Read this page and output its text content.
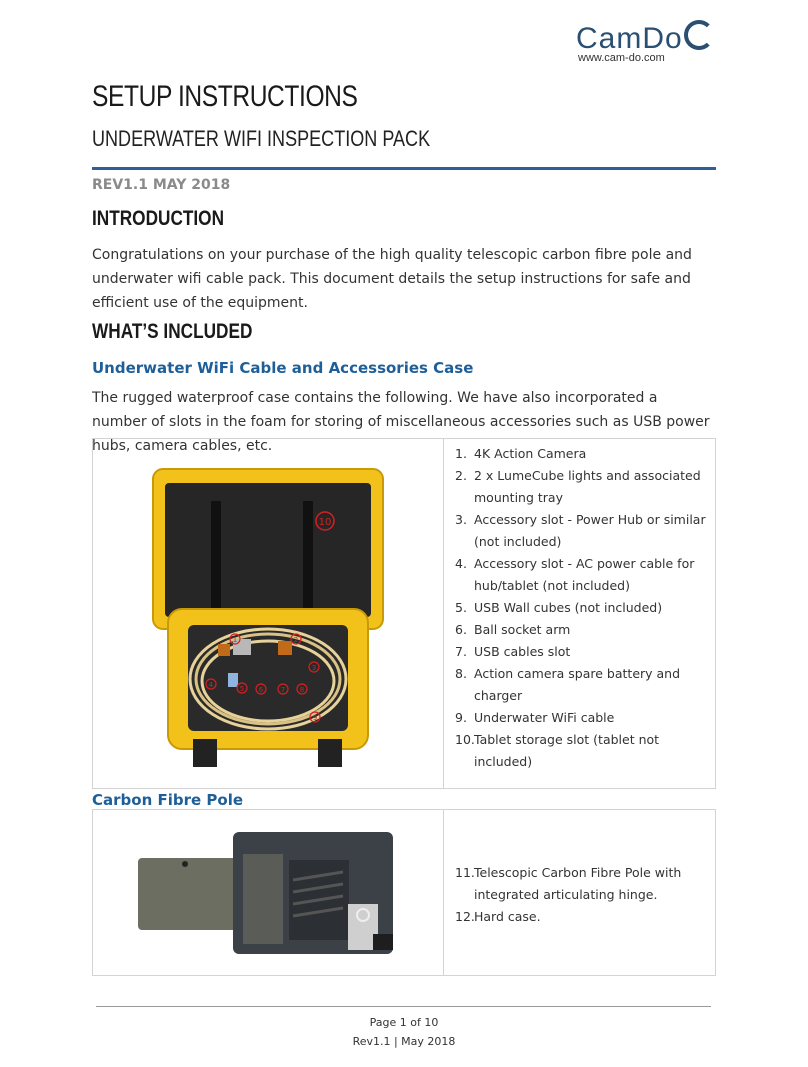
CamDo
www.cam-do.com
SETUP INSTRUCTIONS
UNDERWATER WIFI INSPECTION PACK
REV1.1 MAY 2018
INTRODUCTION
Congratulations on your purchase of the high quality telescopic carbon fibre pole and underwater wifi cable pack. This document details the setup instructions for safe and efficient use of the equipment.
WHAT’S INCLUDED
Underwater WiFi Cable and Accessories Case
The rugged waterproof case contains the following. We have also incorporated a number of slots in the foam for storing of miscellaneous accessories such as USB power hubs, camera cables, etc.
10
1	2
3
4	5 6	7 8
9
1. 4K Action Camera
2. 2 x LumeCube lights and associated mounting tray
3. Accessory slot - Power Hub or similar (not included)
4. Accessory slot - AC power cable for hub/tablet (not included)
5. USB Wall cubes (not included)
6. Ball socket arm
7. USB cables slot
8. Action camera spare battery and charger
9. Underwater WiFi cable
10. Tablet storage slot (tablet not included)
Carbon Fibre Pole
11. Telescopic Carbon Fibre Pole with integrated articulating hinge.
12. Hard case.
Page 1 of 10
Rev1.1 | May 2018
